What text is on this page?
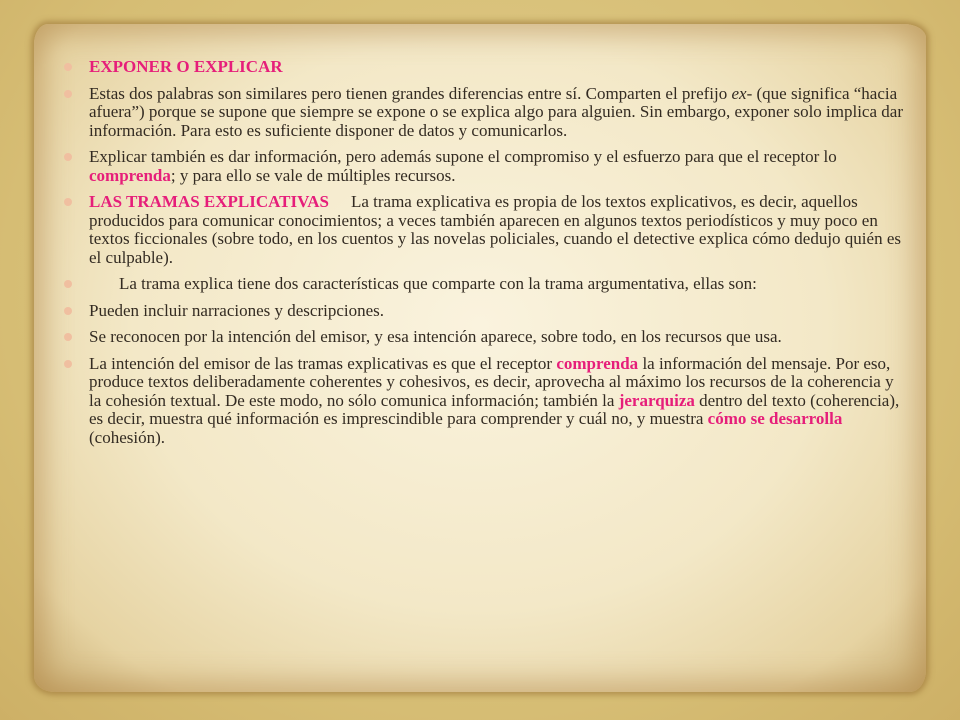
EXPONER O EXPLICAR
Estas dos palabras son similares pero tienen grandes diferencias entre sí. Comparten el prefijo ex- (que significa “hacia afuera”) porque se supone que siempre se expone o se explica algo para alguien. Sin embargo, exponer solo implica dar información. Para esto es suficiente disponer de datos y comunicarlos.
Explicar también es dar información, pero además supone el compromiso y el esfuerzo para que el receptor lo comprenda; y para ello se vale de múltiples recursos.
LAS TRAMAS EXPLICATIVAS La trama explicativa es propia de los textos explicativos, es decir, aquellos producidos para comunicar conocimientos; a veces también aparecen en algunos textos periodísticos y muy poco en textos ficcionales (sobre todo, en los cuentos y las novelas policiales, cuando el detective explica cómo dedujo quién es el culpable).
La trama explica tiene dos características que comparte con la trama argumentativa, ellas son:
Pueden incluir narraciones y descripciones.
Se reconocen por la intención del emisor, y esa intención aparece, sobre todo, en los recursos que usa.
La intención del emisor de las tramas explicativas es que el receptor comprenda la información del mensaje. Por eso, produce textos deliberadamente coherentes y cohesivos, es decir, aprovecha al máximo los recursos de la coherencia y la cohesión textual. De este modo, no sólo comunica información; también la jerarquiza dentro del texto (coherencia), es decir, muestra qué información es imprescindible para comprender y cuál no, y muestra cómo se desarrolla (cohesión).
